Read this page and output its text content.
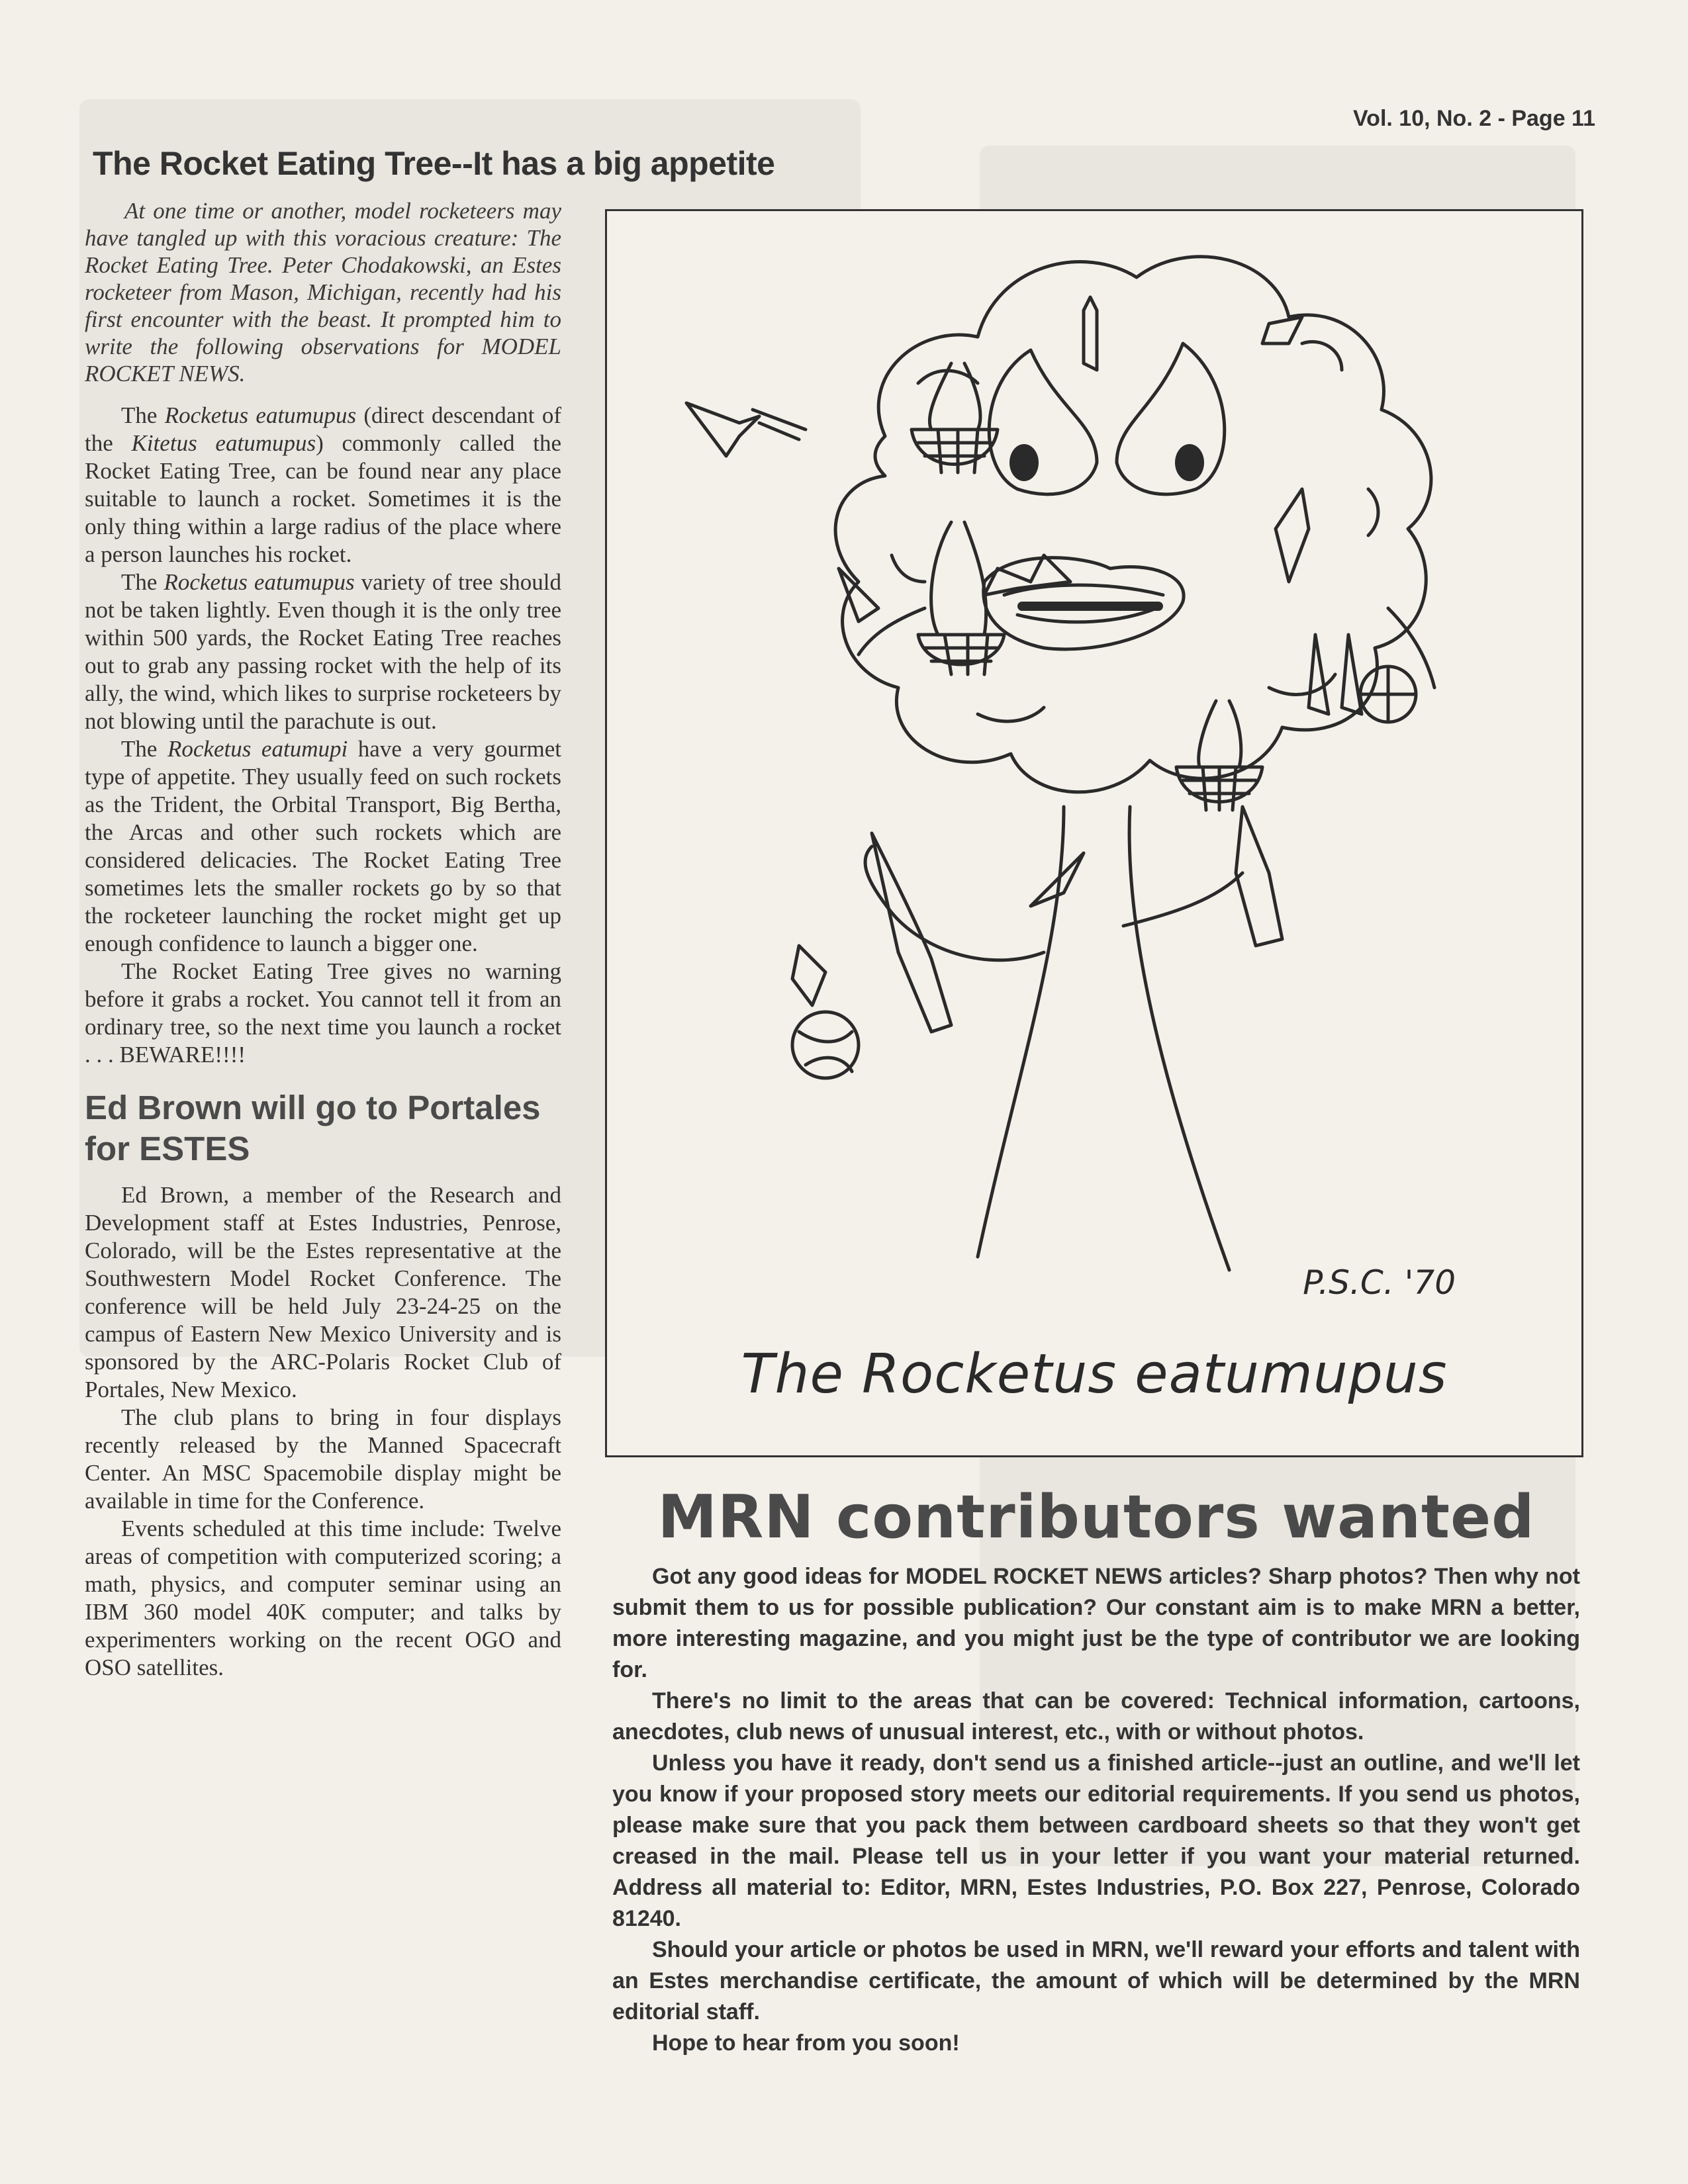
Vol. 10, No. 2 - Page 11
The Rocket Eating Tree--It has a big appetite

At one time or another, model rocketeers may have tangled up with this voracious creature: The Rocket Eating Tree. Peter Chodakowski, an Estes rocketeer from Mason, Michigan, recently had his first encounter with the beast. It prompted him to write the following observations for MODEL ROCKET NEWS.

The Rocketus eatumupus (direct descendant of the Kitetus eatumupus) commonly called the Rocket Eating Tree, can be found near any place suitable to launch a rocket. Sometimes it is the only thing within a large radius of the place where a person launches his rocket.

The Rocketus eatumupus variety of tree should not be taken lightly. Even though it is the only tree within 500 yards, the Rocket Eating Tree reaches out to grab any passing rocket with the help of its ally, the wind, which likes to surprise rocketeers by not blowing until the parachute is out.

The Rocketus eatumupi have a very gourmet type of appetite. They usually feed on such rockets as the Trident, the Orbital Transport, Big Bertha, the Arcas and other such rockets which are considered delicacies. The Rocket Eating Tree sometimes lets the smaller rockets go by so that the rocketeer launching the rocket might get up enough confidence to launch a bigger one.

The Rocket Eating Tree gives no warning before it grabs a rocket. You cannot tell it from an ordinary tree, so the next time you launch a rocket . . . BEWARE!!!!

Ed Brown will go to Portales for ESTES

Ed Brown, a member of the Research and Development staff at Estes Industries, Penrose, Colorado, will be the Estes representative at the Southwestern Model Rocket Conference. The conference will be held July 23-24-25 on the campus of Eastern New Mexico University and is sponsored by the ARC-Polaris Rocket Club of Portales, New Mexico.

The club plans to bring in four displays recently released by the Manned Spacecraft Center. An MSC Spacemobile display might be available in time for the Conference.

Events scheduled at this time include: Twelve areas of competition with computerized scoring; a math, physics, and computer seminar using an IBM 360 model 40K computer; and talks by experimenters working on the recent OGO and OSO satellites.

P.S.C. '70
The Rocketus eatumupus
MRN contributors wanted

Got any good ideas for MODEL ROCKET NEWS articles? Sharp photos? Then why not submit them to us for possible publication? Our constant aim is to make MRN a better, more interesting magazine, and you might just be the type of contributor we are looking for.

There's no limit to the areas that can be covered: Technical information, cartoons, anecdotes, club news of unusual interest, etc., with or without photos.

Unless you have it ready, don't send us a finished article--just an outline, and we'll let you know if your proposed story meets our editorial requirements. If you send us photos, please make sure that you pack them between cardboard sheets so that they won't get creased in the mail. Please tell us in your letter if you want your material returned. Address all material to: Editor, MRN, Estes Industries, P.O. Box 227, Penrose, Colorado 81240.

Should your article or photos be used in MRN, we'll reward your efforts and talent with an Estes merchandise certificate, the amount of which will be determined by the MRN editorial staff.

Hope to hear from you soon!
